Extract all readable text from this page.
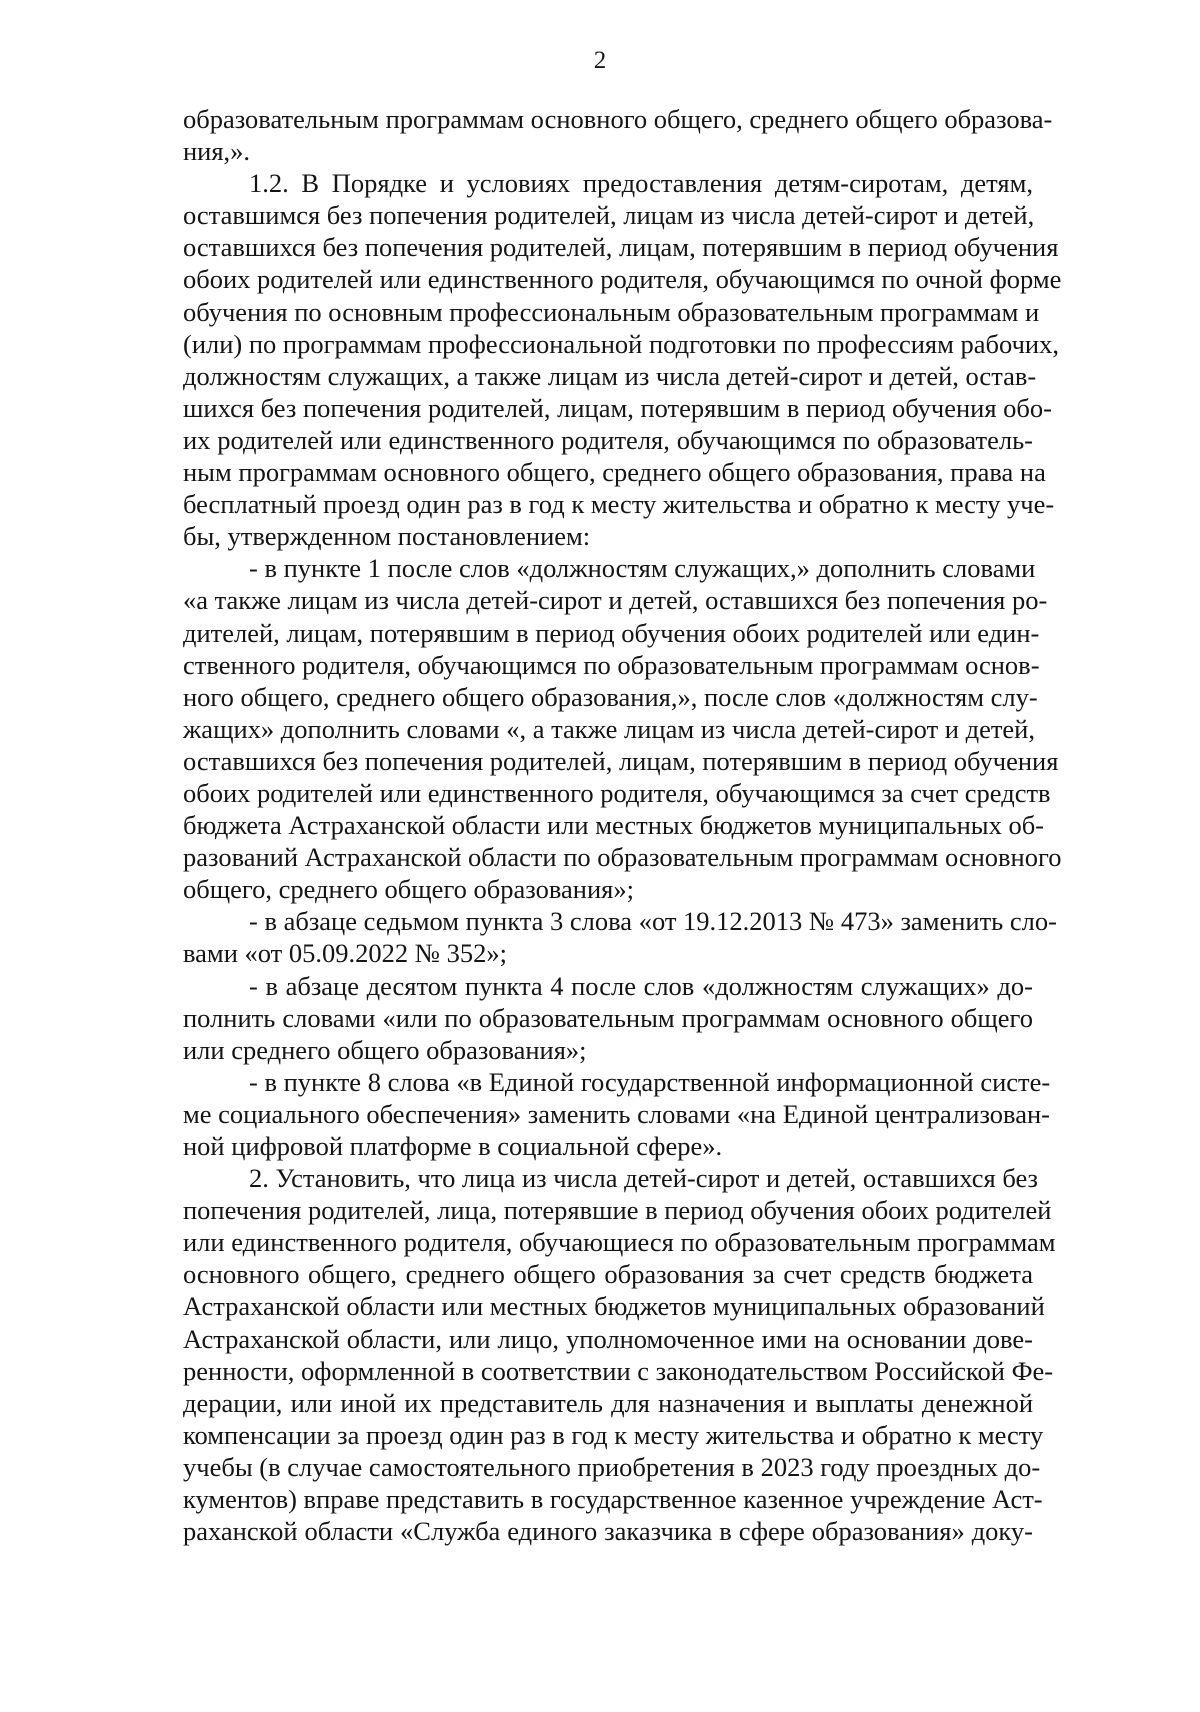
2
образовательным программам основного общего, среднего общего образова-
ния,».
1.2. В Порядке и условиях предоставления детям-сиротам, детям,
оставшимся без попечения родителей, лицам из числа детей-сирот и детей,
оставшихся без попечения родителей, лицам, потерявшим в период обучения
обоих родителей или единственного родителя, обучающимся по очной форме
обучения по основным профессиональным образовательным программам и
(или) по программам профессиональной подготовки по профессиям рабочих,
должностям служащих, а также лицам из числа детей-сирот и детей, остав-
шихся без попечения родителей, лицам, потерявшим в период обучения обо-
их родителей или единственного родителя, обучающимся по образователь-
ным программам основного общего, среднего общего образования, права на
бесплатный проезд один раз в год к месту жительства и обратно к месту уче-
бы, утвержденном постановлением:
- в пункте 1 после слов «должностям служащих,» дополнить словами
«а также лицам из числа детей-сирот и детей, оставшихся без попечения ро-
дителей, лицам, потерявшим в период обучения обоих родителей или един-
ственного родителя, обучающимся по образовательным программам основ-
ного общего, среднего общего образования,», после слов «должностям слу-
жащих» дополнить словами «, а также лицам из числа детей-сирот и детей,
оставшихся без попечения родителей, лицам, потерявшим в период обучения
обоих родителей или единственного родителя, обучающимся за счет средств
бюджета Астраханской области или местных бюджетов муниципальных об-
разований Астраханской области по образовательным программам основного
общего, среднего общего образования»;
- в абзаце седьмом пункта 3 слова «от 19.12.2013 № 473» заменить сло-
вами «от 05.09.2022 № 352»;
- в абзаце десятом пункта 4 после слов «должностям служащих» до-
полнить словами «или по образовательным программам основного общего
или среднего общего образования»;
- в пункте 8 слова «в Единой государственной информационной систе-
ме социального обеспечения» заменить словами «на Единой централизован-
ной цифровой платформе в социальной сфере».
2. Установить, что лица из числа детей-сирот и детей, оставшихся без
попечения родителей, лица, потерявшие в период обучения обоих родителей
или единственного родителя, обучающиеся по образовательным программам
основного общего, среднего общего образования за счет средств бюджета
Астраханской области или местных бюджетов муниципальных образований
Астраханской области, или лицо, уполномоченное ими на основании дове-
ренности, оформленной в соответствии с законодательством Российской Фе-
дерации, или иной их представитель для назначения и выплаты денежной
компенсации за проезд один раз в год к месту жительства и обратно к месту
учебы (в случае самостоятельного приобретения в 2023 году проездных до-
кументов) вправе представить в государственное казенное учреждение Аст-
раханской области «Служба единого заказчика в сфере образования» доку-
